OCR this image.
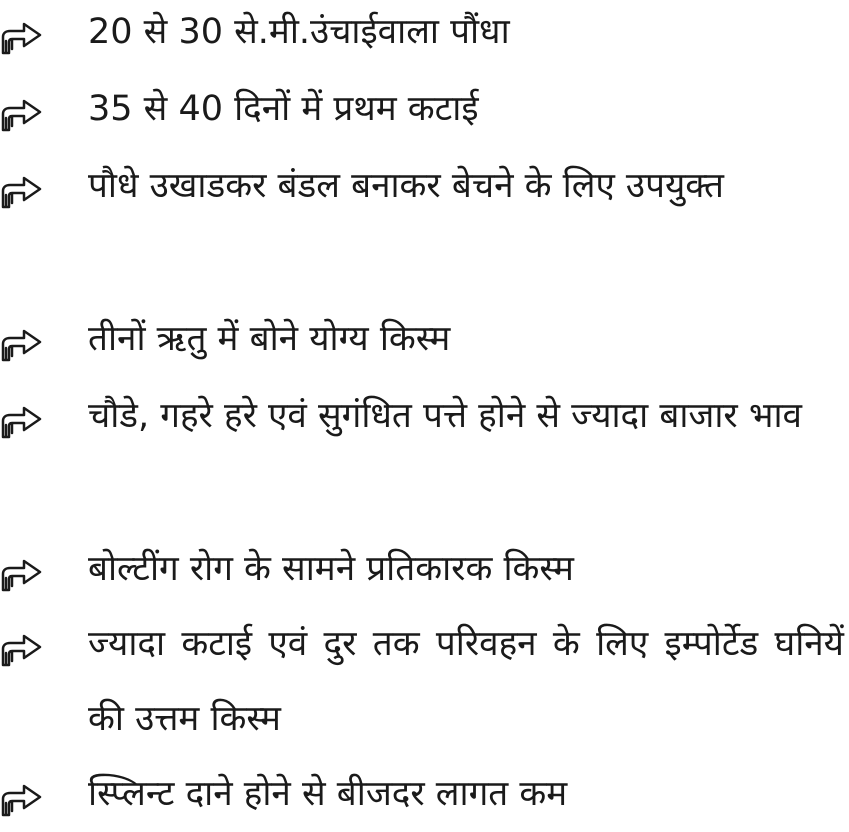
20 से 30 से.मी.उंचाईवाला पौंधा
35 से 40 दिनों में प्रथम कटाई
पौधे उखाडकर बंडल बनाकर बेचने के लिए उपयुक्त
तीनों ऋतु में बोने योग्य किस्म
चौडे, गहरे हरे एवं सुगंधित पत्ते होने से ज्यादा बाजार भाव
बोल्टींग रोग के सामने प्रतिकारक किस्म
ज्यादा कटाई एवं दुर तक परिवहन के लिए इम्पोर्टेड घनियें की उत्तम किस्म
स्प्लिन्ट दाने होने से बीजदर लागत कम
